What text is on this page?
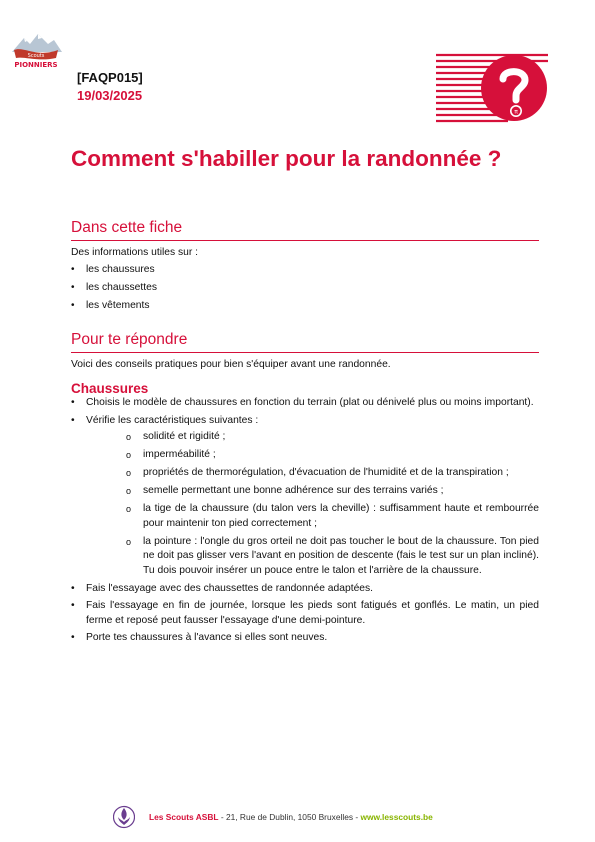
Scouts
PIONNIERS
[FAQP015]
19/03/2025
π
Comment s'habiller pour la randonnée ?
Dans cette fiche
Des informations utiles sur :
• les chaussures
• les chaussettes
• les vêtements
Pour te répondre
Voici des conseils pratiques pour bien s'équiper avant une randonnée.
Chaussures
• Choisis le modèle de chaussures en fonction du terrain (plat ou dénivelé plus ou moins important).
• Vérifie les caractéristiques suivantes :
o solidité et rigidité ;
o imperméabilité ;
o propriétés de thermorégulation, d'évacuation de l'humidité et de la transpiration ;
o semelle permettant une bonne adhérence sur des terrains variés ;
o la tige de la chaussure (du talon vers la cheville) : suffisamment haute et rembourrée pour maintenir ton pied correctement ;
o la pointure : l'ongle du gros orteil ne doit pas toucher le bout de la chaussure. Ton pied ne doit pas glisser vers l'avant en position de descente (fais le test sur un plan incliné). Tu dois pouvoir insérer un pouce entre le talon et l'arrière de la chaussure.
• Fais l'essayage avec des chaussettes de randonnée adaptées.
• Fais l'essayage en fin de journée, lorsque les pieds sont fatigués et gonflés. Le matin, un pied ferme et reposé peut fausser l'essayage d'une demi-pointure.
• Porte tes chaussures à l'avance si elles sont neuves.
Les Scouts ASBL - 21, Rue de Dublin, 1050 Bruxelles - www.lesscouts.be
